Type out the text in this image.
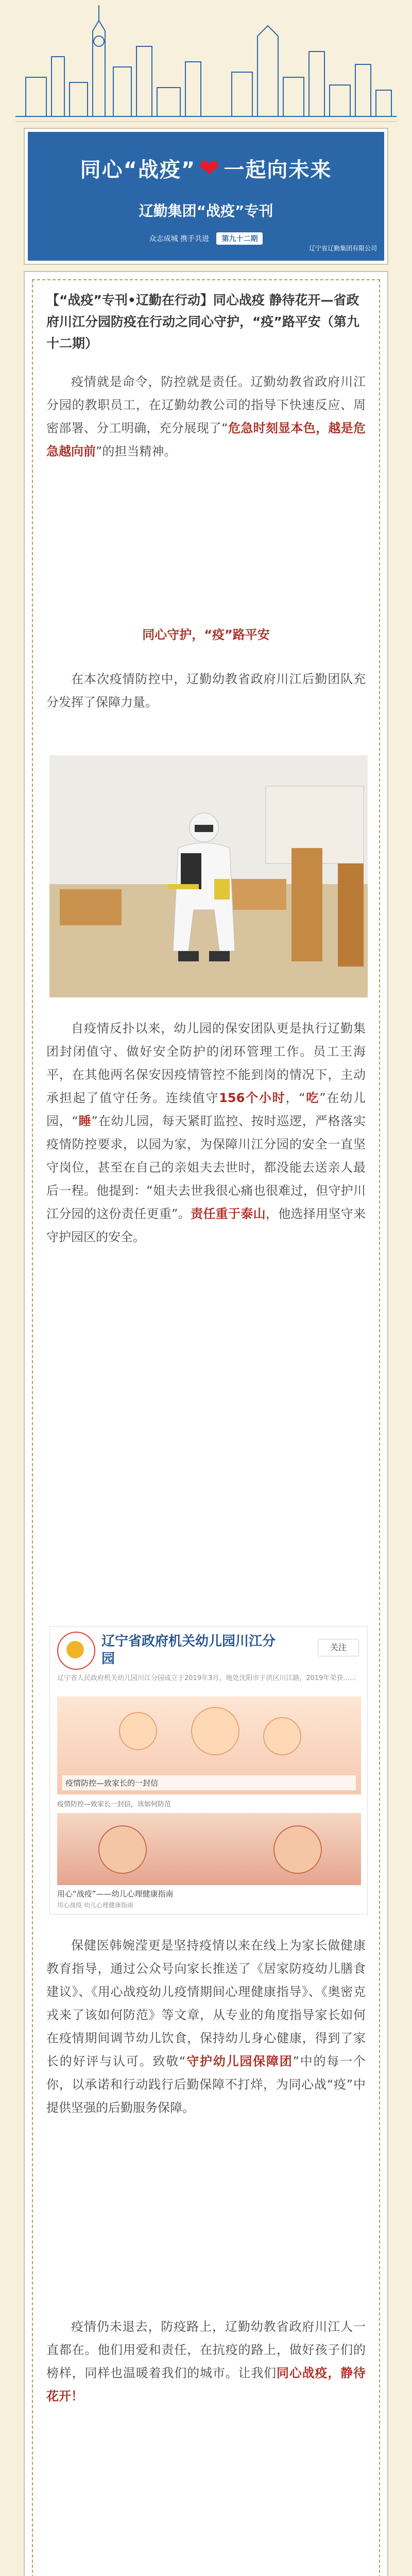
同心“战疫” ❤ 一起向未来
辽勤集团“战疫”专刊
众志成城 携手共进 第九十二期
辽宁省辽勤集团有限公司
【“战疫”专刊•辽勤在行动】同心战疫 静待花开—省政府川江分园防疫在行动之同心守护，“疫”路平安（第九十二期）
疫情就是命令，防控就是责任。辽勤幼教省政府川江分园的教职员工，在辽勤幼教公司的指导下快速反应、周密部署、分工明确，充分展现了“危急时刻显本色，越是危急越向前”的担当精神。
同心守护，“疫”路平安
在本次疫情防控中，辽勤幼教省政府川江后勤团队充分发挥了保障力量。
自疫情反扑以来，幼儿园的保安团队更是执行辽勤集团封闭值守、做好安全防护的闭环管理工作。员工王海平，在其他两名保安因疫情管控不能到岗的情况下，主动承担起了值守任务。连续值守156个小时，“吃”在幼儿园，“睡”在幼儿园，每天紧盯监控、按时巡逻，严格落实疫情防控要求，以园为家，为保障川江分园的安全一直坚守岗位，甚至在自己的亲姐夫去世时，都没能去送亲人最后一程。他提到：“姐夫去世我很心痛也很难过，但守护川江分园的这份责任更重”。责任重于泰山，他选择用坚守来守护园区的安全。
辽宁省政府机关幼儿园川江分园
关注
辽宁省人民政府机关幼儿园川江分园成立于2019年3月，地处沈阳市于洪区川江路，2019年荣获……
疫情防控—致家长的一封信
疫情防控—致家长一封信，该如何防范
用心“战疫”——幼儿心理健康指南
用心战疫 幼儿心理健康指南
保健医韩婉滢更是坚持疫情以来在线上为家长做健康教育指导，通过公众号向家长推送了《居家防疫幼儿膳食建议》、《用心战疫幼儿疫情期间心理健康指导》、《奥密克戎来了该如何防范》等文章，从专业的角度指导家长如何在疫情期间调节幼儿饮食，保持幼儿身心健康，得到了家长的好评与认可。致敬“守护幼儿园保障团”中的每一个你，以承诺和行动践行后勤保障不打烊，为同心战“疫”中提供坚强的后勤服务保障。
疫情仍未退去，防疫路上，辽勤幼教省政府川江人一直都在。他们用爱和责任，在抗疫的路上，做好孩子们的榜样，同样也温暖着我们的城市。让我们同心战疫，静待花开！
